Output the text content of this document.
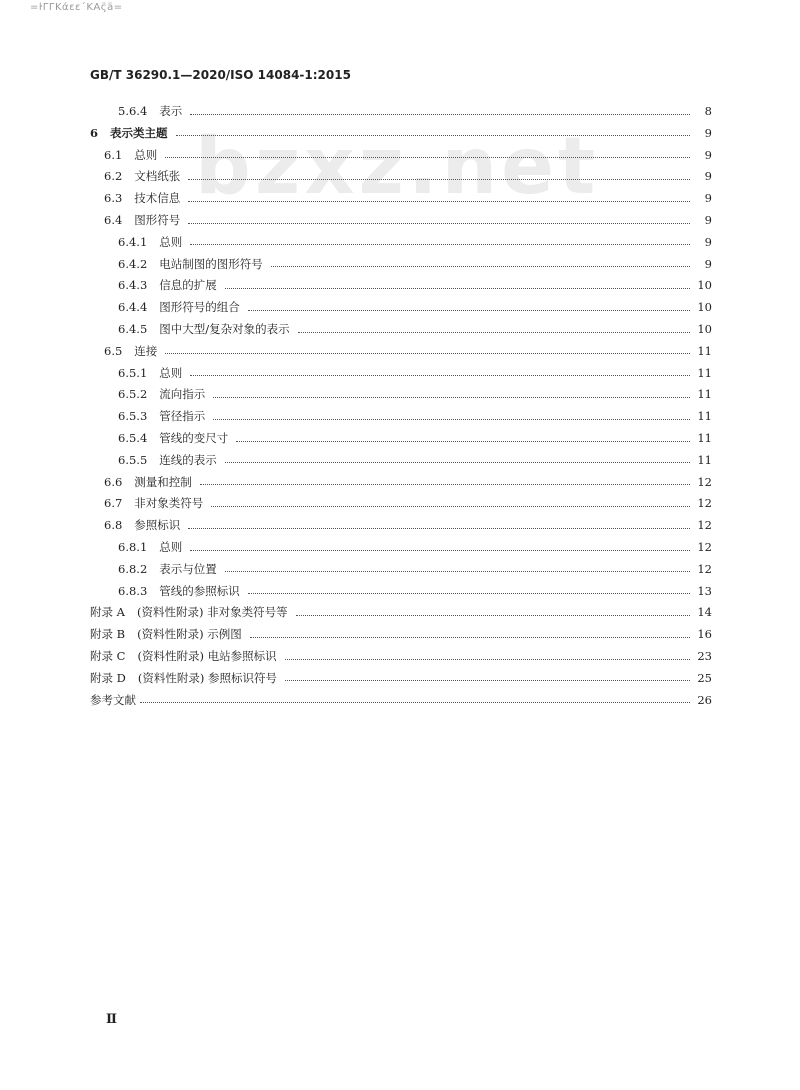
=ŀΓΓΚάεε΄ΚΑς̈ä=
GB/T 36290.1—2020/ISO 14084-1:2015
bzxz.net
5.6.4	表示	8
6	表示类主题	9
6.1	总则	9
6.2	文档纸张	9
6.3	技术信息	9
6.4	图形符号	9
6.4.1	总则	9
6.4.2	电站制图的图形符号	9
6.4.3	信息的扩展	10
6.4.4	图形符号的组合	10
6.4.5	图中大型/复杂对象的表示	10
6.5	连接	11
6.5.1	总则	11
6.5.2	流向指示	11
6.5.3	管径指示	11
6.5.4	管线的变尺寸	11
6.5.5	连线的表示	11
6.6	测量和控制	12
6.7	非对象类符号	12
6.8	参照标识	12
6.8.1	总则	12
6.8.2	表示与位置	12
6.8.3	管线的参照标识	13
附录 A	(资料性附录) 非对象类符号等	14
附录 B	(资料性附录) 示例图	16
附录 C	(资料性附录) 电站参照标识	23
附录 D	(资料性附录) 参照标识符号	25
参考文献	26
Ⅱ
